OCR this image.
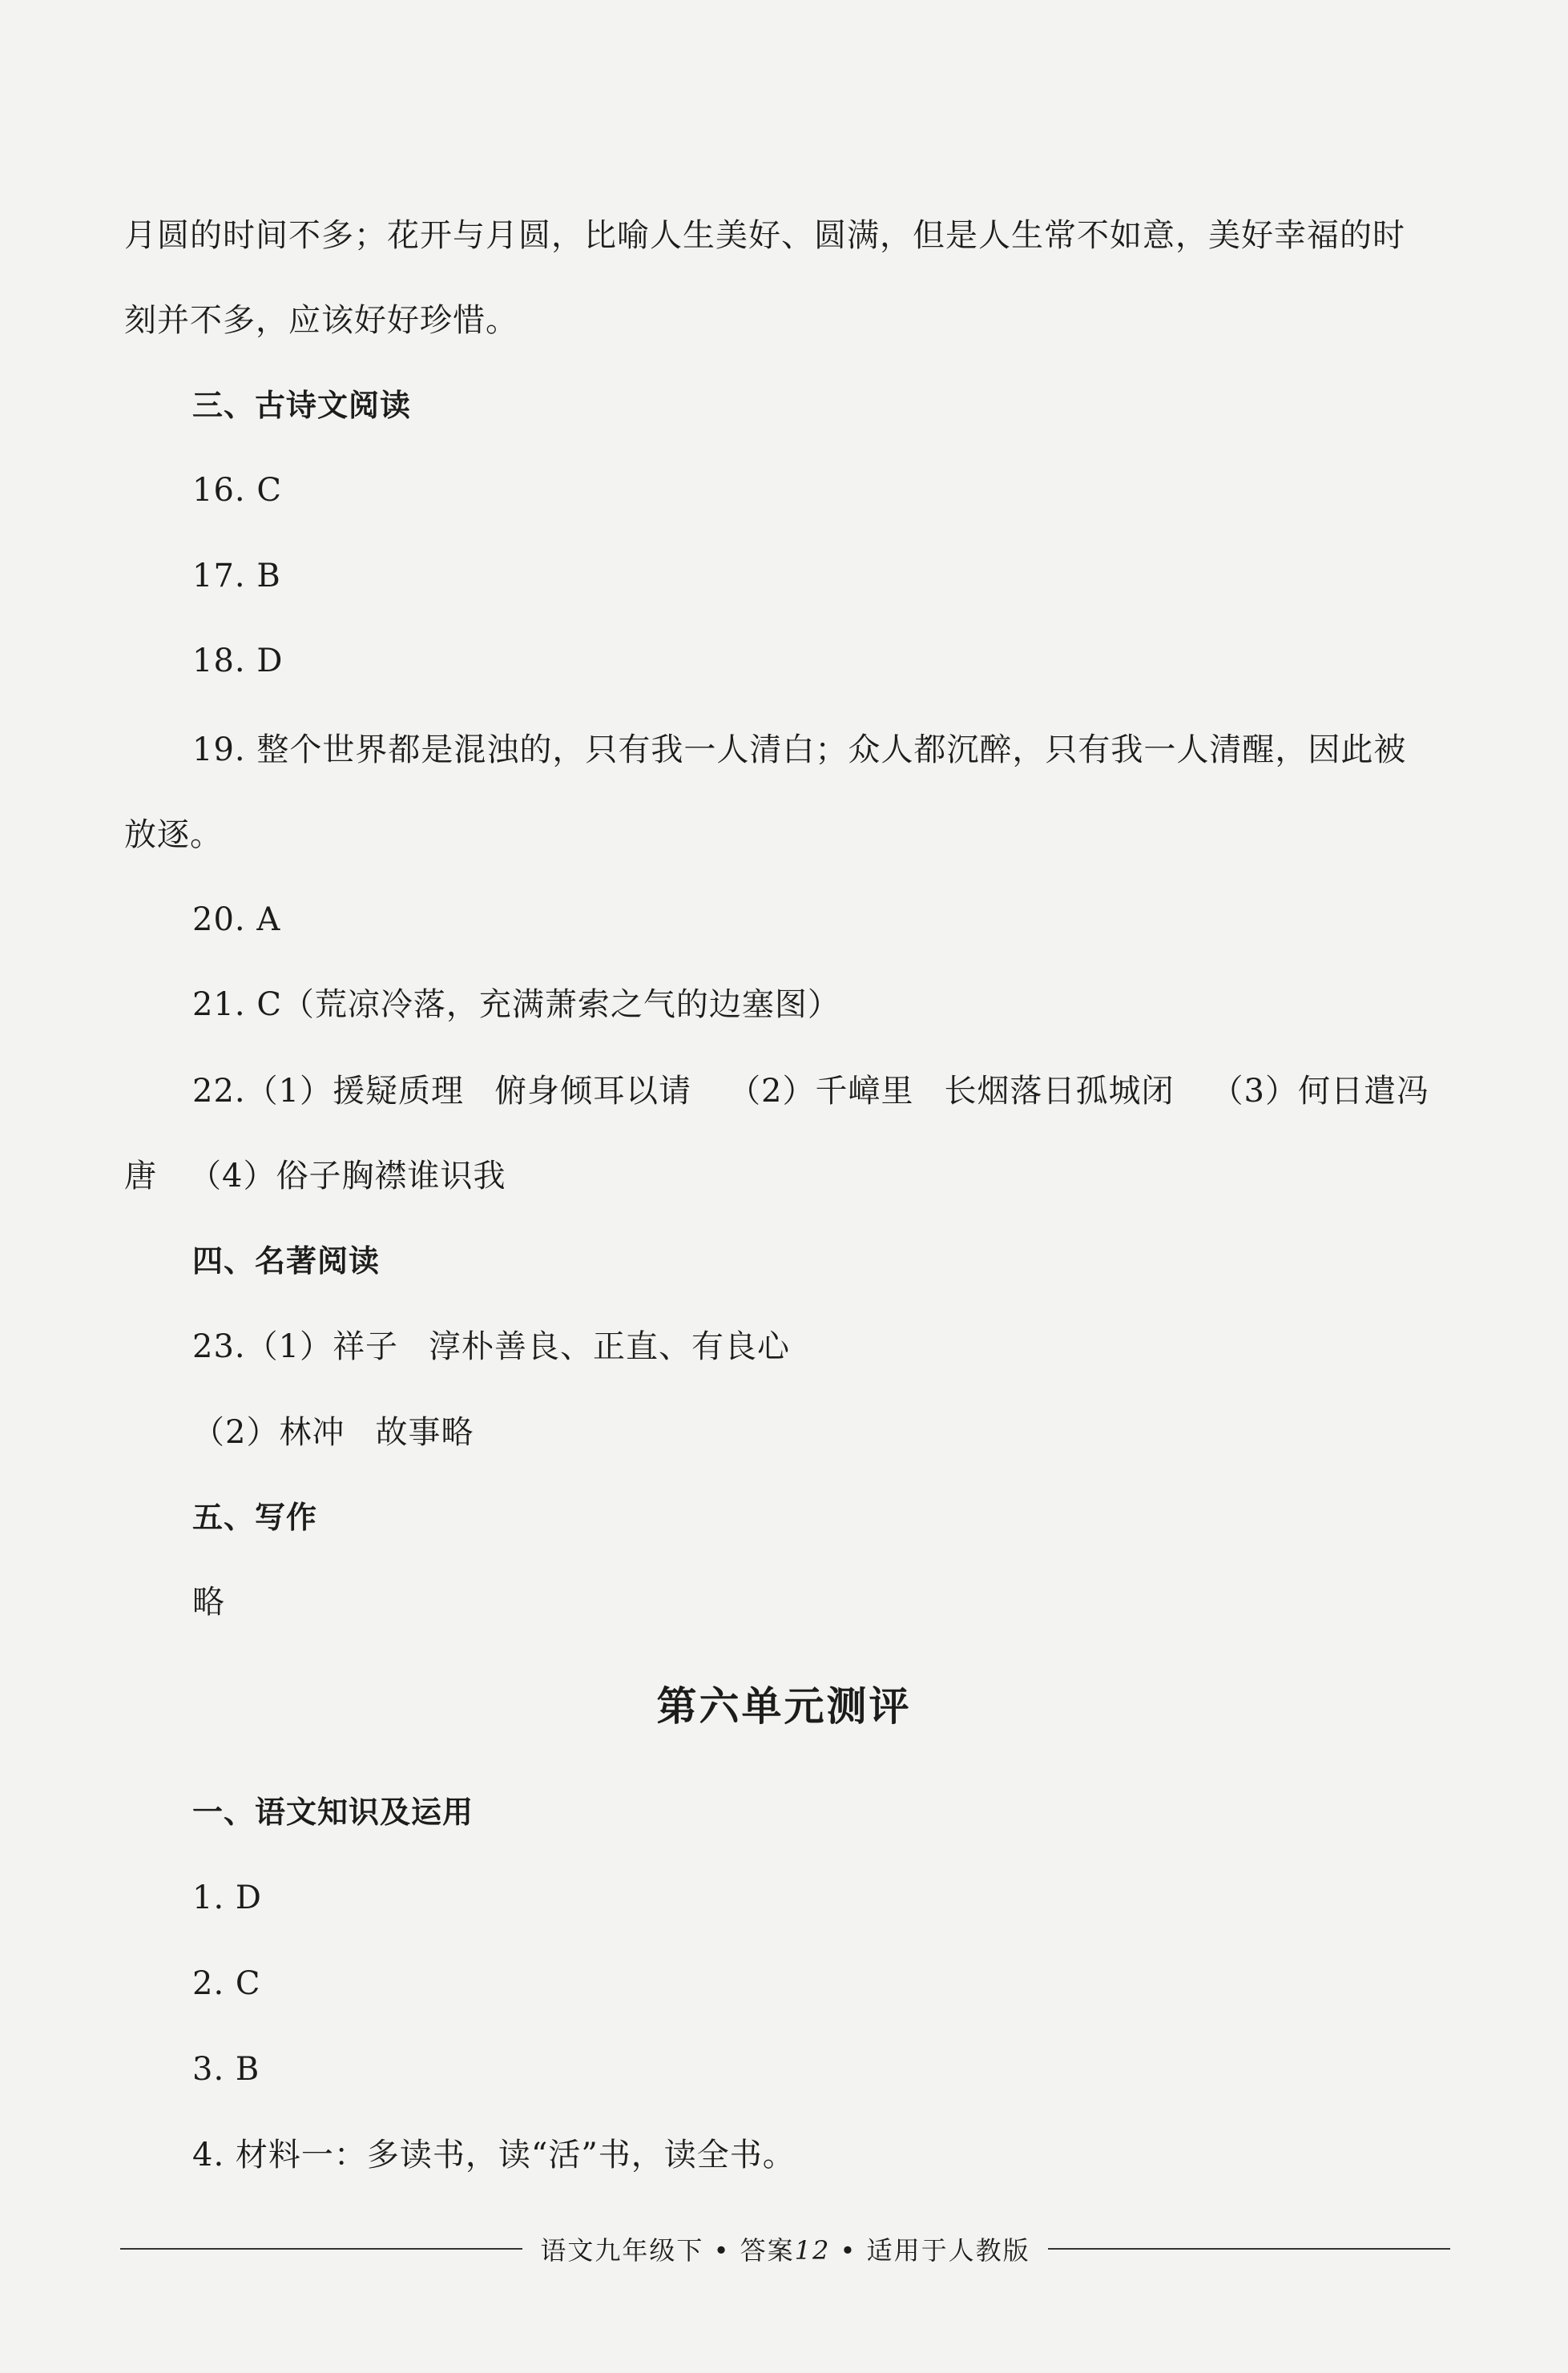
月圆的时间不多；花开与月圆，比喻人生美好、圆满，但是人生常不如意，美好幸福的时
刻并不多，应该好好珍惜。
三、古诗文阅读
16. C
17. B
18. D
19. 整个世界都是混浊的，只有我一人清白；众人都沉醉，只有我一人清醒，因此被
放逐。
20. A
21. C（荒凉冷落，充满萧索之气的边塞图）
22.（1）援疑质理 俯身倾耳以请 （2）千嶂里 长烟落日孤城闭 （3）何日遣冯
唐 （4）俗子胸襟谁识我
四、名著阅读
23.（1）祥子 淳朴善良、正直、有良心
（2）林冲 故事略
五、写作
略
第六单元测评
一、语文知识及运用
1. D
2. C
3. B
4. 材料一：多读书，读“活”书，读全书。
语文九年级下 • 答案12 • 适用于人教版
